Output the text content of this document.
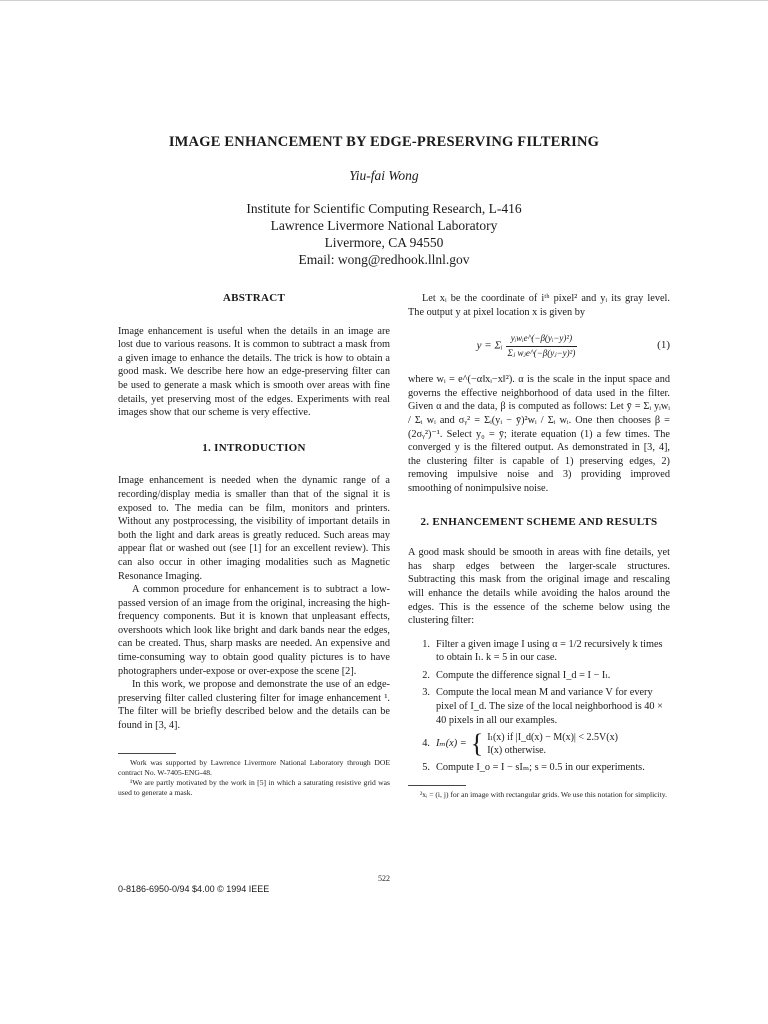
IMAGE ENHANCEMENT BY EDGE-PRESERVING FILTERING
Yiu-fai Wong
Institute for Scientific Computing Research, L-416
Lawrence Livermore National Laboratory
Livermore, CA 94550
Email: wong@redhook.llnl.gov
ABSTRACT

Image enhancement is useful when the details in an image are lost due to various reasons. It is common to subtract a mask from a given image to enhance the details. The trick is how to obtain a good mask. We describe here how an edge-preserving filter can be used to generate a mask which is smooth over areas with fine details, yet preserving most of the edges. Experiments with real images show that our scheme is very effective.

1. INTRODUCTION

Image enhancement is needed when the dynamic range of a recording/display media is smaller than that of the signal it is exposed to. The media can be film, monitors and printers. Without any postprocessing, the visibility of important details in both the light and dark areas is greatly reduced. Such areas may appear flat or washed out (see [1] for an excellent review). This can also occur in other imaging modalities such as Magnetic Resonance Imaging.

A common procedure for enhancement is to subtract a low-passed version of an image from the original, increasing the high-frequency components. But it is known that unpleasant effects, overshoots which look like bright and dark bands near the edges, can be created. Thus, sharp masks are needed. An expensive and time-consuming way to obtain good quality pictures is to have photographers under-expose or over-expose the scene [2].

In this work, we propose and demonstrate the use of an edge-preserving filter called clustering filter for image enhancement ¹. The filter will be briefly described below and the details can be found in [3, 4].

Work was supported by Lawrence Livermore National Laboratory through DOE contract No. W-7405-ENG-48.

¹We are partly motivated by the work in [5] in which a saturating resistive grid was used to generate a mask.

Let xᵢ be the coordinate of iᵗʰ pixel² and yᵢ its gray level. The output y at pixel location x is given by

y = Σᵢ $\frac{\text{yᵢwᵢe\textasciicircum{}(−β(yᵢ−y)²)}}{\text{Σⱼ wⱼe\textasciicircum{}(−β(yⱼ−y)²)}}$	(1)

where wᵢ = e^(−α‖xᵢ−x‖²). α is the scale in the input space and governs the effective neighborhood of data used in the filter. Given α and the data, β is computed as follows: Let ȳ = Σᵢ yᵢwᵢ / Σᵢ wᵢ and σᵧ² = Σᵢ(yᵢ − ȳ)²wᵢ / Σᵢ wᵢ. One then chooses β = (2σᵧ²)⁻¹. Select y₀ = ȳ; iterate equation (1) a few times. The converged y is the filtered output. As demonstrated in [3, 4], the clustering filter is capable of 1) preserving edges, 2) removing impulsive noise and 3) providing improved smoothing of nonimpulsive noise.

2. ENHANCEMENT SCHEME AND RESULTS

A good mask should be smooth in areas with fine details, yet has sharp edges between the larger-scale structures. Subtracting this mask from the original image and rescaling will enhance the details while avoiding the halos around the edges. This is the essence of the scheme below using the clustering filter:

1. Filter a given image I using α = 1/2 recursively k times to obtain Iₗ. k = 5 in our case.
2. Compute the difference signal I_d = I − Iₗ.
3. Compute the local mean M and variance V for every pixel of I_d. The size of the local neighborhood is 40 × 40 pixels in all our examples.
4. Iₘ(x) = { Iₗ(x) if |I_d(x) − M(x)| < 2.5V(x)
I(x) otherwise.
5. Compute I_o = I − sIₘ; s = 0.5 in our experiments.

²xᵢ = (i, j) for an image with rectangular grids. We use this notation for simplicity.

522
0-8186-6950-0/94 $4.00 © 1994 IEEE
